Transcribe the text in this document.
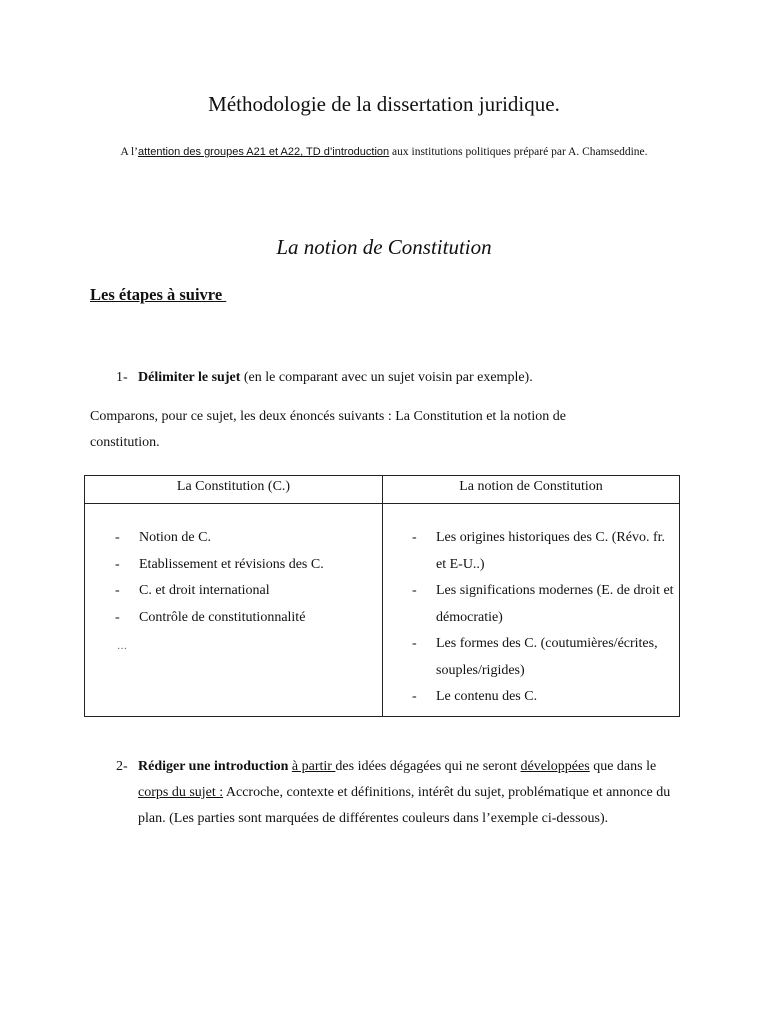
Méthodologie de la dissertation juridique.
A l’attention des groupes A21 et A22, TD d’introduction aux institutions politiques préparé par A. Chamseddine.
La notion de Constitution
Les étapes à suivre
1- Délimiter le sujet (en le comparant avec un sujet voisin par exemple).
Comparons, pour ce sujet, les deux énoncés suivants : La Constitution et la notion de constitution.
La Constitution (C.)	La notion de Constitution
- Notion de C.
- Etablissement et révisions des C.
- C. et droit international
- Contrôle de constitutionnalité
…
- Les origines historiques des C. (Révo. fr. et E-U..)
- Les significations modernes (E. de droit et démocratie)
- Les formes des C. (coutumières/écrites, souples/rigides)
- Le contenu des C.
2- Rédiger une introduction à partir des idées dégagées qui ne seront développées que dans le corps du sujet : Accroche, contexte et définitions, intérêt du sujet, problématique et annonce du plan. (Les parties sont marquées de différentes couleurs dans l’exemple ci-dessous).
